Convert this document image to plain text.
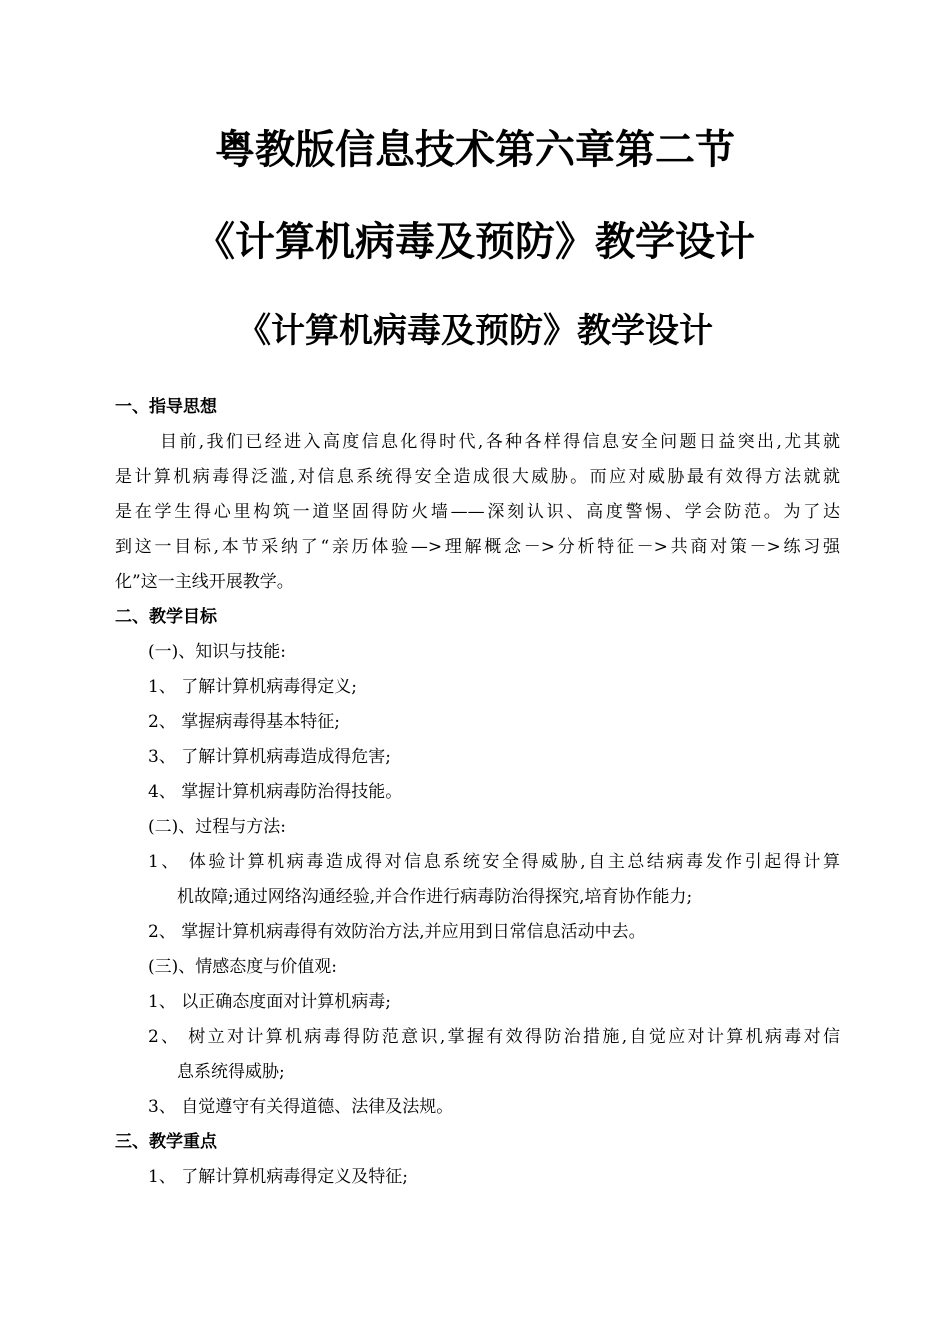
粤教版信息技术第六章第二节
《计算机病毒及预防》教学设计
《计算机病毒及预防》教学设计
一、指导思想
目前,我们已经进入高度信息化得时代,各种各样得信息安全问题日益突出,尤其就
是计算机病毒得泛滥,对信息系统得安全造成很大威胁。而应对威胁最有效得方法就就
是在学生得心里构筑一道坚固得防火墙——深刻认识、高度警惕、学会防范。为了达
到这一目标,本节采纳了“亲历体验—>理解概念－>分析特征－>共商对策－>练习强
化”这一主线开展教学。
二、教学目标
(一)、知识与技能:
1、 了解计算机病毒得定义;
2、 掌握病毒得基本特征;
3、 了解计算机病毒造成得危害;
4、 掌握计算机病毒防治得技能。
(二)、过程与方法:
1、 体验计算机病毒造成得对信息系统安全得威胁,自主总结病毒发作引起得计算
机故障;通过网络沟通经验,并合作进行病毒防治得探究,培育协作能力;
2、 掌握计算机病毒得有效防治方法,并应用到日常信息活动中去。
(三)、情感态度与价值观:
1、 以正确态度面对计算机病毒;
2、 树立对计算机病毒得防范意识,掌握有效得防治措施,自觉应对计算机病毒对信
息系统得威胁;
3、 自觉遵守有关得道德、法律及法规。
三、教学重点
1、 了解计算机病毒得定义及特征;
